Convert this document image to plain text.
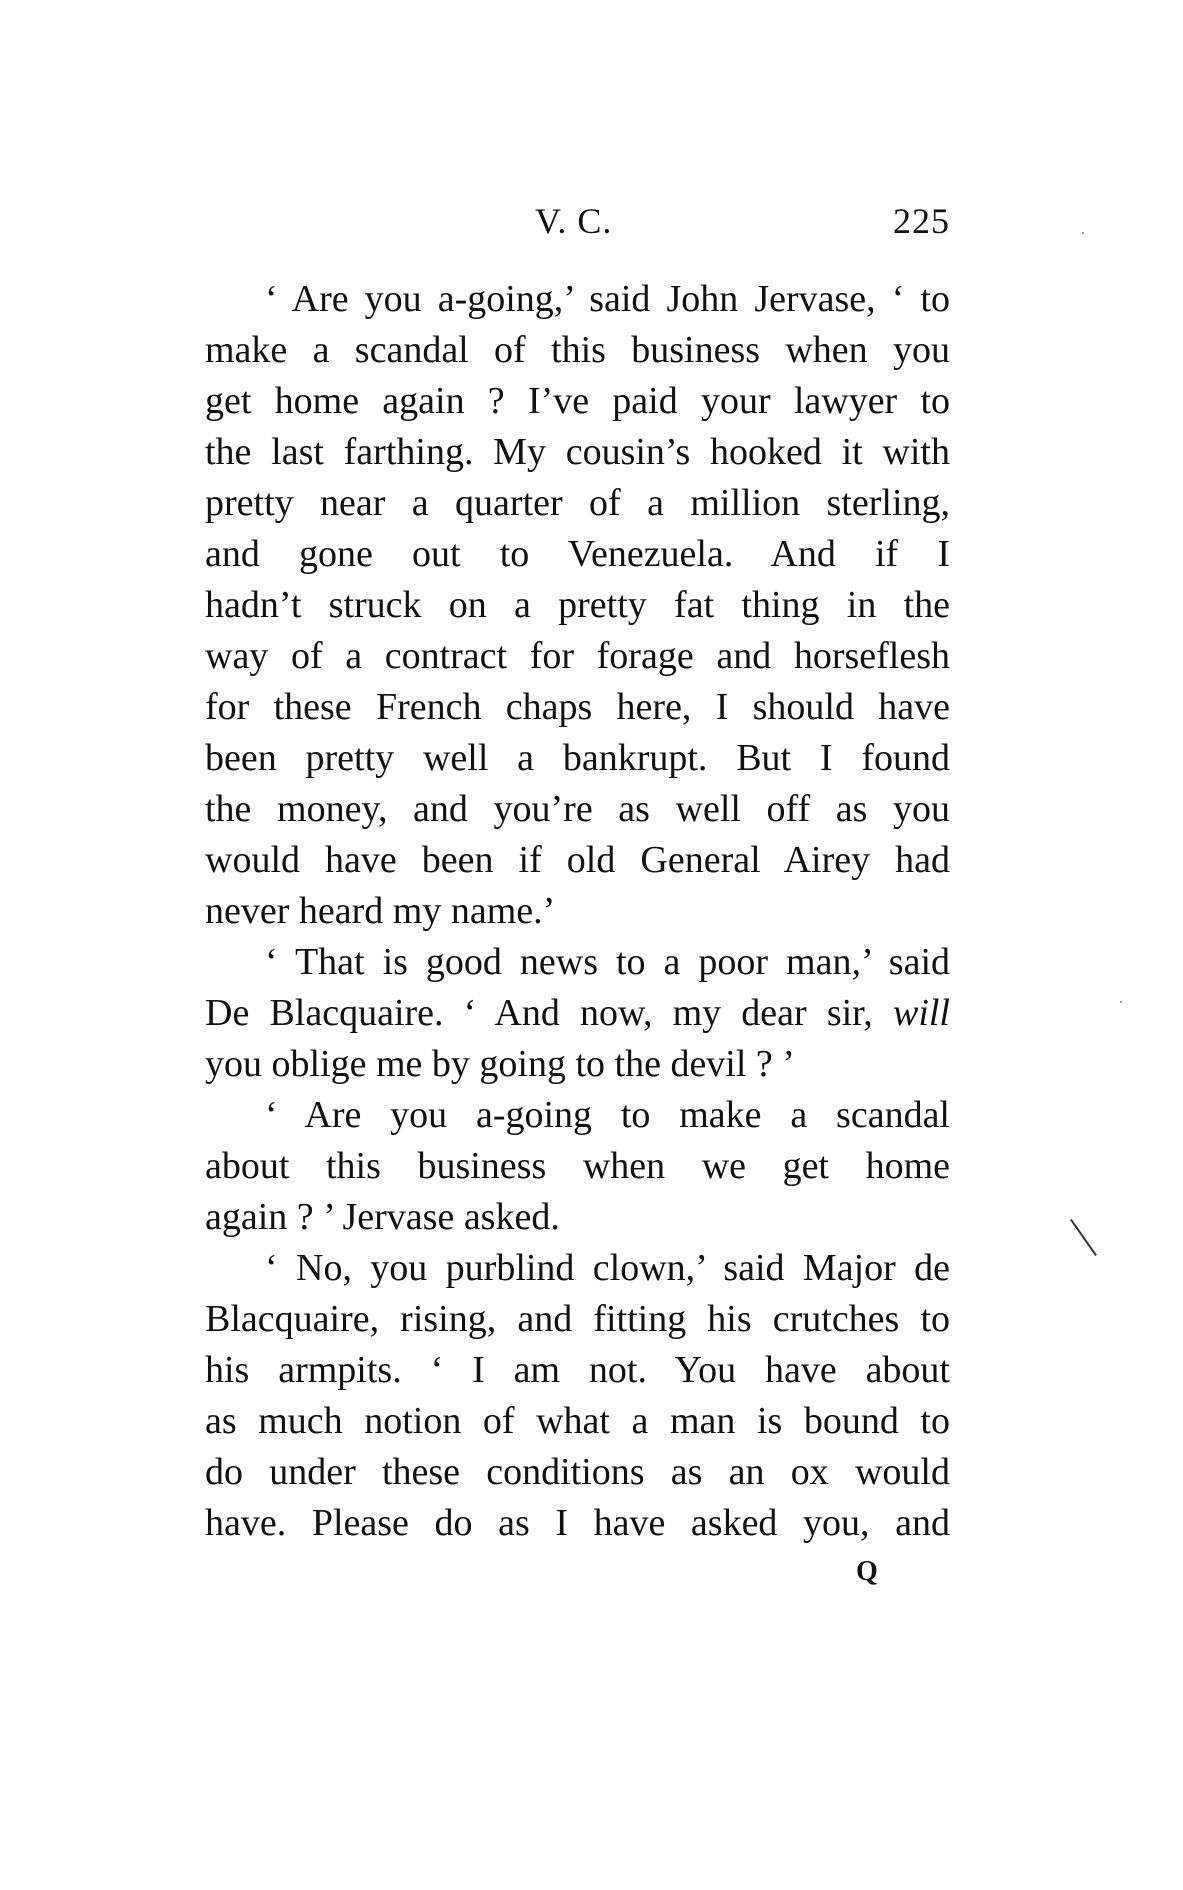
V. C.	225
‘ Are you a-going,’ said John Jervase, ‘ to
make a scandal of this business when you
get home again ? I’ve paid your lawyer to
the last farthing. My cousin’s hooked it with
pretty near a quarter of a million sterling,
and gone out to Venezuela. And if I
hadn’t struck on a pretty fat thing in the
way of a contract for forage and horseflesh
for these French chaps here, I should have
been pretty well a bankrupt. But I found
the money, and you’re as well off as you
would have been if old General Airey had
never heard my name.’
‘ That is good news to a poor man,’ said
De Blacquaire. ‘ And now, my dear sir, will
you oblige me by going to the devil ? ’
‘ Are you a-going to make a scandal
about this business when we get home
again ? ’ Jervase asked.
‘ No, you purblind clown,’ said Major de
Blacquaire, rising, and fitting his crutches to
his armpits. ‘ I am not. You have about
as much notion of what a man is bound to
do under these conditions as an ox would
have. Please do as I have asked you, and
Q
